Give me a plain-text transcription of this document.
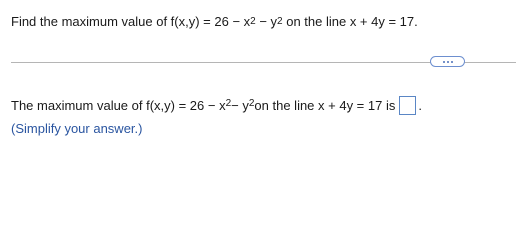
Find the maximum value of $f(x,y) = 26 - x^2 - y^2$ on the line x + 4y = 17.
The maximum value of $f(x,y) = 26 - x^2 - y^2$ on the line x + 4y = 17 is .
(Simplify your answer.)
